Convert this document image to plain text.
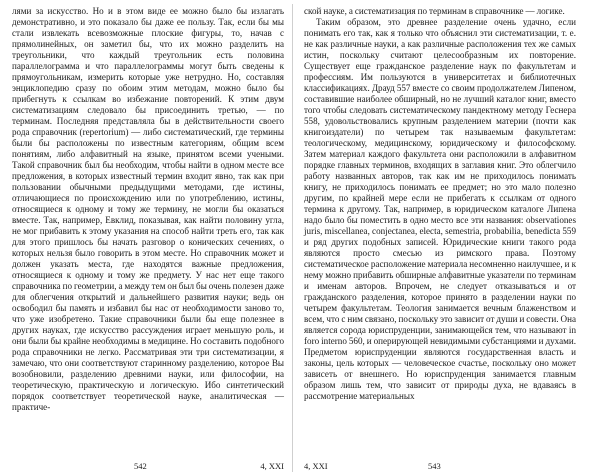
лями за искусство. Но и в этом виде ее можно было бы излагать демонстративно, и это показало бы даже ее пользу. Так, если бы мы стали извлекать всевозможные плоские фигуры, то, начав с прямолинейных, он заметил бы, что их можно разделить на треугольники, что каждый треугольник есть половина параллелограмма и что параллелограммы могут быть сведены к прямоугольникам, измерить которые уже нетрудно. Но, составляя энциклопедию сразу по обоим этим методам, можно было бы прибегнуть к ссылкам во избежание повторений. К этим двум систематизациям следовало бы присоединить третью, — по терминам. Последняя представляла бы в действительности своего рода справочник (repertorium) — либо систематический, где термины были бы расположены по известным категориям, общим всем понятиям, либо алфавитный на языке, принятом всеми учеными. Такой справочник был бы необходим, чтобы найти в одном месте все предложения, в которых известный термин входит явно, так как при пользовании обычными предыдущими методами, где истины, отличающиеся по происхождению или по употреблению, истины, относящиеся к одному и тому же термину, не могли бы оказаться вместе. Так, например, Евклид, показывая, как найти половину угла, не мог прибавить к этому указания на способ найти треть его, так как для этого пришлось бы начать разговор о конических сечениях, о которых нельзя было говорить в этом месте. Но справочник может и должен указать места, где находятся важные предложения, относящиеся к одному и тому же предмету. У нас нет еще такого справочника по геометрии, а между тем он был бы очень полезен даже для облегчения открытий и дальнейшего развития науки; ведь он освободил бы память и избавил бы нас от необходимости заново то, что уже изобретено. Такие справочники были бы еще полезнее в других науках, где искусство рассуждения играет меньшую роль, и они были бы крайне необходимы в медицине. Но составить подобного рода справочники не легко. Рассматривая эти три систематизации, я замечаю, что они соответствуют старинному разделению, которое Вы возобновили, разделению древними науки, или философии, на теоретическую, практическую и логическую. Ибо синтетический порядок соответствует теоретической науке, аналитическая — практиче-

542	4, XXI

ской науке, а систематизация по терминам в справочнике — логике.

Таким образом, это древнее разделение очень удачно, если понимать его так, как я только что объяснил эти систематизации, т. е. не как различные науки, а как различные расположения тех же самых истин, поскольку считают целесообразным их повторение. Существует еще гражданское разделение наук по факультетам и профессиям. Им пользуются в университетах и библиотечных классификациях. Драуд 557 вместе со своим продолжателем Липеном, составившие наиболее обширный, но не лучший каталог книг, вместо того чтобы следовать систематическому пандектному методу Геснера 558, удовольствовались крупным разделением материи (почти как книгоиздатели) по четырем так называемым факультетам: теологическому, медицинскому, юридическому и философскому. Затем материал каждого факультета они расположили в алфавитном порядке главных терминов, входящих в заглавия книг. Это облегчило работу названных авторов, так как им не приходилось понимать книгу, не приходилось понимать ее предмет; но это мало полезно другим, по крайней мере если не прибегать к ссылкам от одного термина к другому. Так, например, в юридическом каталоге Липена надо было бы поместить в одно место все эти названия: observationes juris, miscellanea, conjectanea, electa, semestria, probabilia, benedicta 559 и ряд других подобных записей. Юридические книги такого рода являются просто смесью из римского права. Поэтому систематическое расположение материала несомненно наилучшее, и к нему можно прибавить обширные алфавитные указатели по терминам и именам авторов. Впрочем, не следует отказываться и от гражданского разделения, которое принято в разделении науки по четырем факультетам. Теология занимается вечным блаженством и всем, что с ним связано, поскольку это зависит от души и совести. Она является сорода юриспруденции, занимающейся тем, что называют in foro interno 560, и оперирующей невидимыми субстанциями и духами. Предметом юриспруденции являются государственная власть и законы, цель которых — человеческое счастье, поскольку оно может зависеть от внешнего. Но юриспруденция занимается главным образом лишь тем, что зависит от природы духа, не вдаваясь в рассмотрение материальных

4, XXI	543
